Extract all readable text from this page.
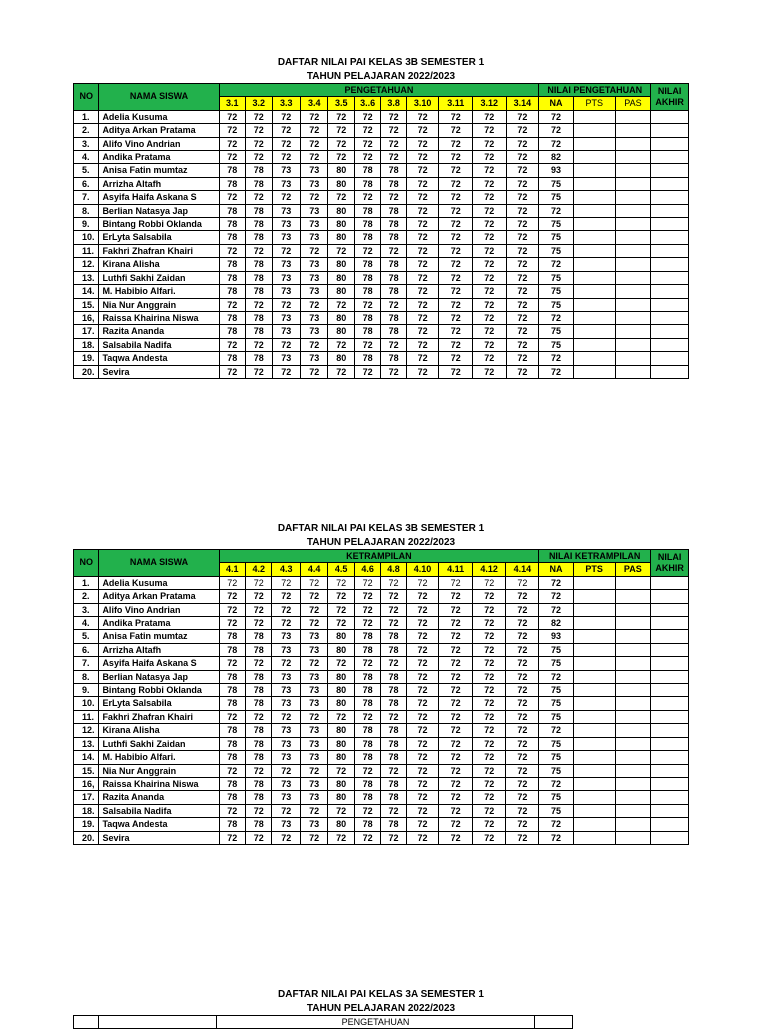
DAFTAR NILAI PAI KELAS 3B SEMESTER 1
TAHUN PELAJARAN 2022/2023
NO	NAMA SISWA	PENGETAHUAN											NILAI PENGETAHUAN			NILAI
AKHIR
		3.1	3.2	3.3	3.4	3.5	3..6	3.8	3.10	3.11	3.12	3.14	NA	PTS	PAS	
1.	Adelia Kusuma	72	72	72	72	72	72	72	72	72	72	72	72			
2.	Aditya Arkan Pratama	72	72	72	72	72	72	72	72	72	72	72	72			
3.	Alifo Vino Andrian	72	72	72	72	72	72	72	72	72	72	72	72			
4.	Andika Pratama	72	72	72	72	72	72	72	72	72	72	72	82			
5.	Anisa Fatin mumtaz	78	78	73	73	80	78	78	72	72	72	72	93			
6.	Arrizha Altafh	78	78	73	73	80	78	78	72	72	72	72	75			
7.	Asyifa Haifa Askana S	72	72	72	72	72	72	72	72	72	72	72	75			
8.	Berlian Natasya Jap	78	78	73	73	80	78	78	72	72	72	72	72			
9.	Bintang Robbi Oklanda	78	78	73	73	80	78	78	72	72	72	72	75			
10.	ErLyta Salsabila	78	78	73	73	80	78	78	72	72	72	72	75			
11.	Fakhri Zhafran Khairi	72	72	72	72	72	72	72	72	72	72	72	75			
12.	Kirana Alisha	78	78	73	73	80	78	78	72	72	72	72	72			
13.	Luthfi Sakhi Zaidan	78	78	73	73	80	78	78	72	72	72	72	75			
14.	M. Habibio Alfari.	78	78	73	73	80	78	78	72	72	72	72	75			
15.	Nia Nur Anggrain	72	72	72	72	72	72	72	72	72	72	72	75			
16,	Raissa Khairina Niswa	78	78	73	73	80	78	78	72	72	72	72	72			
17.	Razita Ananda	78	78	73	73	80	78	78	72	72	72	72	75			
18.	Salsabila Nadifa	72	72	72	72	72	72	72	72	72	72	72	75			
19.	Taqwa Andesta	78	78	73	73	80	78	78	72	72	72	72	72			
20.	Sevira	72	72	72	72	72	72	72	72	72	72	72	72			
DAFTAR NILAI PAI KELAS 3B SEMESTER 1
TAHUN PELAJARAN 2022/2023
NO	NAMA SISWA	KETRAMPILAN											NILAI KETRAMPILAN			NILAI
AKHIR
		4.1	4.2	4.3	4.4	4.5	4.6	4.8	4.10	4.11	4.12	4.14	NA	PTS	PAS	
1.	Adelia Kusuma	72	72	72	72	72	72	72	72	72	72	72	72			
2.	Aditya Arkan Pratama	72	72	72	72	72	72	72	72	72	72	72	72			
3.	Alifo Vino Andrian	72	72	72	72	72	72	72	72	72	72	72	72			
4.	Andika Pratama	72	72	72	72	72	72	72	72	72	72	72	82			
5.	Anisa Fatin mumtaz	78	78	73	73	80	78	78	72	72	72	72	93			
6.	Arrizha Altafh	78	78	73	73	80	78	78	72	72	72	72	75			
7.	Asyifa Haifa Askana S	72	72	72	72	72	72	72	72	72	72	72	75			
8.	Berlian Natasya Jap	78	78	73	73	80	78	78	72	72	72	72	72			
9.	Bintang Robbi Oklanda	78	78	73	73	80	78	78	72	72	72	72	75			
10.	ErLyta Salsabila	78	78	73	73	80	78	78	72	72	72	72	75			
11.	Fakhri Zhafran Khairi	72	72	72	72	72	72	72	72	72	72	72	75			
12.	Kirana Alisha	78	78	73	73	80	78	78	72	72	72	72	72			
13.	Luthfi Sakhi Zaidan	78	78	73	73	80	78	78	72	72	72	72	75			
14.	M. Habibio Alfari.	78	78	73	73	80	78	78	72	72	72	72	75			
15.	Nia Nur Anggrain	72	72	72	72	72	72	72	72	72	72	72	75			
16,	Raissa Khairina Niswa	78	78	73	73	80	78	78	72	72	72	72	72			
17.	Razita Ananda	78	78	73	73	80	78	78	72	72	72	72	75			
18.	Salsabila Nadifa	72	72	72	72	72	72	72	72	72	72	72	75			
19.	Taqwa Andesta	78	78	73	73	80	78	78	72	72	72	72	72			
20.	Sevira	72	72	72	72	72	72	72	72	72	72	72	72			
DAFTAR NILAI PAI KELAS 3A SEMESTER 1
TAHUN PELAJARAN 2022/2023
		PENGETAHUAN		
